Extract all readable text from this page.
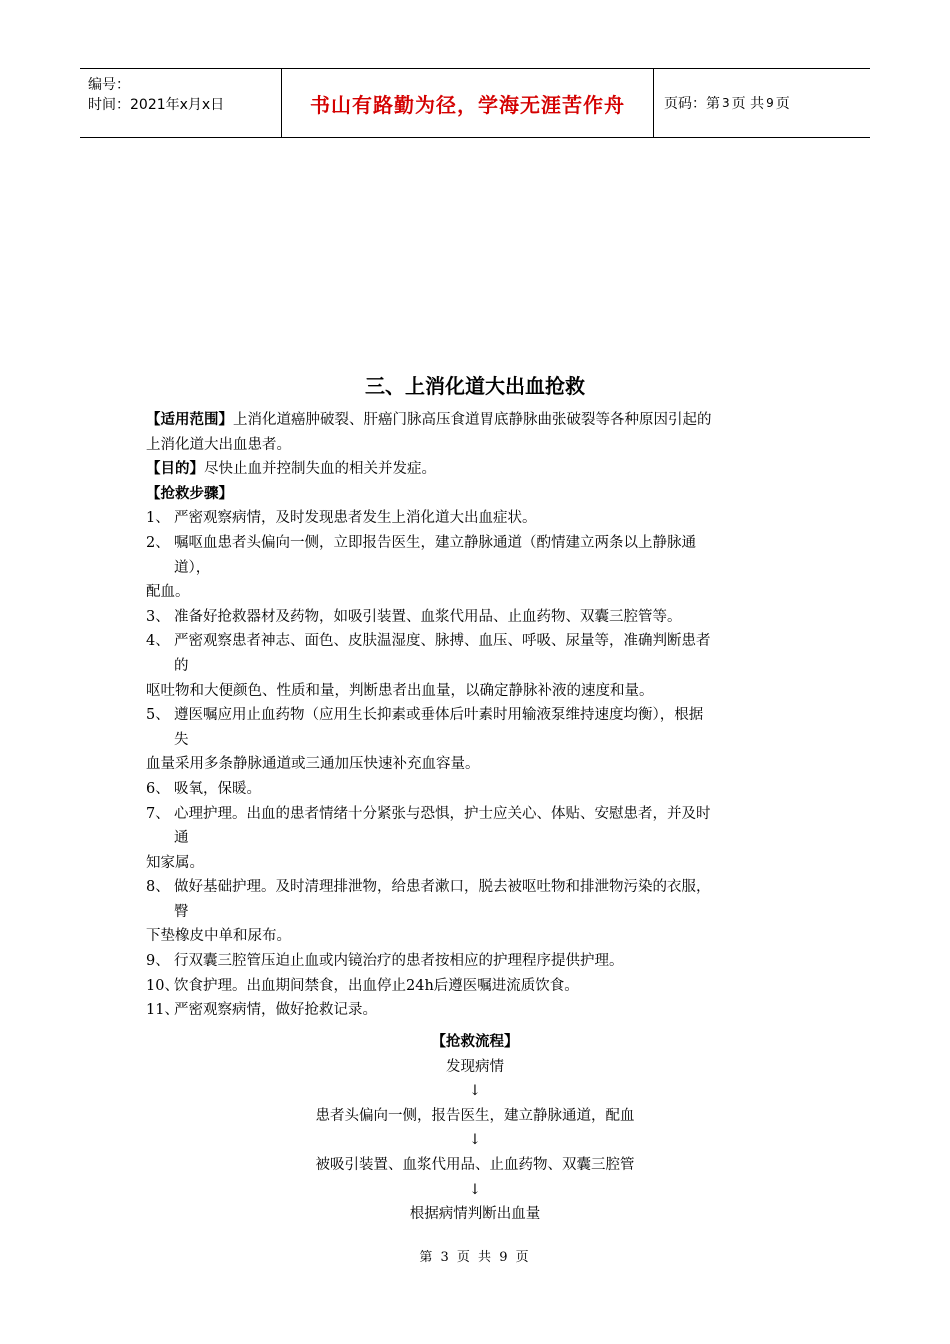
编号：
时间：2021年x月x日	书山有路勤为径，学海无涯苦作舟	页码：第 3 页 共 9 页
三、上消化道大出血抢救
【适用范围】上消化道癌肿破裂、肝癌门脉高压食道胃底静脉曲张破裂等各种原因引起的
上消化道大出血患者。
【目的】尽快止血并控制失血的相关并发症。
【抢救步骤】
1、 严密观察病情，及时发现患者发生上消化道大出血症状。
2、 嘱呕血患者头偏向一侧，立即报告医生，建立静脉通道（酌情建立两条以上静脉通
道），
配血。
3、 准备好抢救器材及药物，如吸引装置、血浆代用品、止血药物、双囊三腔管等。
4、 严密观察患者神志、面色、皮肤温湿度、脉搏、血压、呼吸、尿量等，准确判断患者
的
呕吐物和大便颜色、性质和量，判断患者出血量，以确定静脉补液的速度和量。
5、 遵医嘱应用止血药物（应用生长抑素或垂体后叶素时用输液泵维持速度均衡），根据
失
血量采用多条静脉通道或三通加压快速补充血容量。
6、 吸氧，保暖。
7、 心理护理。出血的患者情绪十分紧张与恐惧，护士应关心、体贴、安慰患者，并及时
通
知家属。
8、 做好基础护理。及时清理排泄物，给患者漱口，脱去被呕吐物和排泄物污染的衣服，
臀
下垫橡皮中单和尿布。
9、 行双囊三腔管压迫止血或内镜治疗的患者按相应的护理程序提供护理。
10、
饮食护理。出血期间禁食，出血停止24h后遵医嘱进流质饮食。
11、
严密观察病情，做好抢救记录。
【抢救流程】
发现病情
↓
患者头偏向一侧，报告医生，建立静脉通道，配血
↓
被吸引装置、血浆代用品、止血药物、双囊三腔管
↓
根据病情判断出血量
第 3 页 共 9 页
